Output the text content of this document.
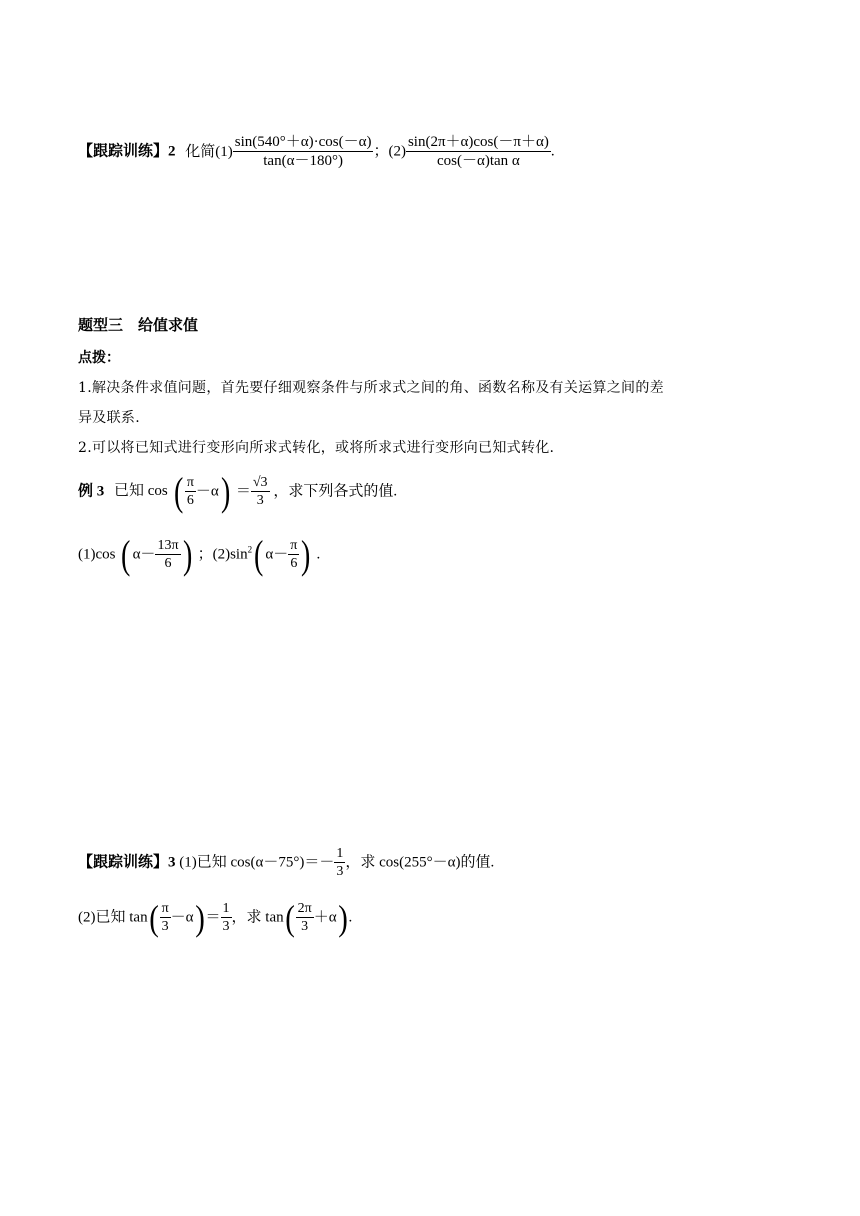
【跟踪训练】2 化简$(1) \frac{\sin(540^\circ+\alpha)\cdot\cos(-\alpha)}{\tan(\alpha-180^\circ)}$ ；$(2) \frac{\sin(2\pi+\alpha)\cos(-\pi+\alpha)}{\text{cos(－α)tan α}}$ .
题型三　给值求值
点拨：
1.解决条件求值问题，首先要仔细观察条件与所求式之间的角、函数名称及有关运算之间的差
异及联系.
2.可以将已知式进行变形向所求式转化，或将所求式进行变形向已知式转化.
例 3 已知 cos ( $\frac{\pi}{6} -\alpha) = \frac{√3}{3}$ ，求下列各式的值.
(1)cos ( $\alpha- \frac{13\pi}{6}$ ) ；$(2)\sin^2$( $\alpha- \frac{\pi}{6}$ ) .
【跟踪训练】3 (1)已知 $\cos(\alpha-75^\circ)=- \frac{1}{3}$ ，求 cos(255°－α)的值.
(2)已知 $\tan( \frac{\pi}{3} -\alpha)= \frac{1}{3}$ ，求 $\tan( \frac{2\pi}{3} +\alpha)$.
